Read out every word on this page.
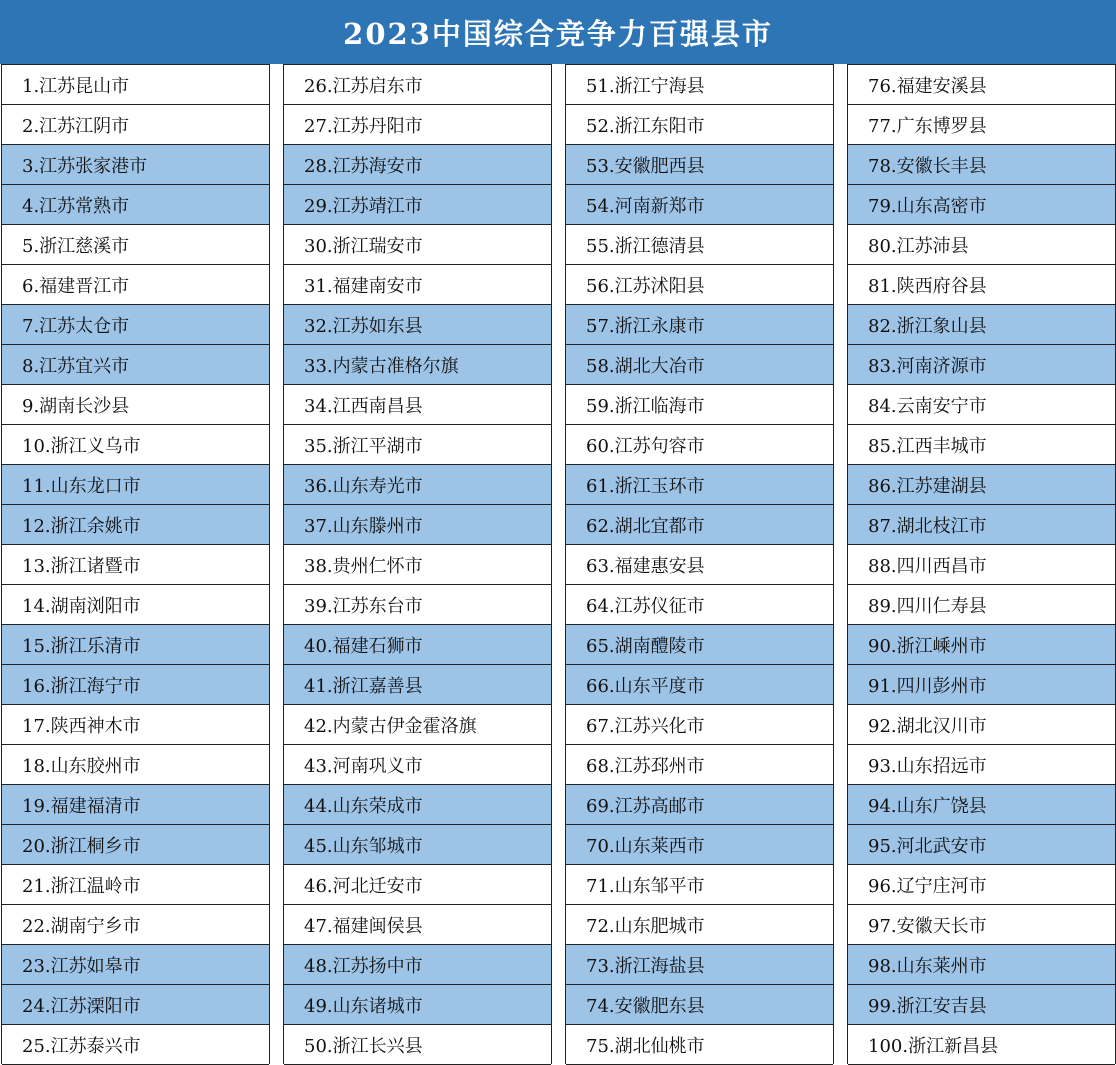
2023中国综合竞争力百强县市
1.江苏昆山市
2.江苏江阴市
3.江苏张家港市
4.江苏常熟市
5.浙江慈溪市
6.福建晋江市
7.江苏太仓市
8.江苏宜兴市
9.湖南长沙县
10.浙江义乌市
11.山东龙口市
12.浙江余姚市
13.浙江诸暨市
14.湖南浏阳市
15.浙江乐清市
16.浙江海宁市
17.陕西神木市
18.山东胶州市
19.福建福清市
20.浙江桐乡市
21.浙江温岭市
22.湖南宁乡市
23.江苏如皋市
24.江苏溧阳市
25.江苏泰兴市
26.江苏启东市
27.江苏丹阳市
28.江苏海安市
29.江苏靖江市
30.浙江瑞安市
31.福建南安市
32.江苏如东县
33.内蒙古准格尔旗
34.江西南昌县
35.浙江平湖市
36.山东寿光市
37.山东滕州市
38.贵州仁怀市
39.江苏东台市
40.福建石狮市
41.浙江嘉善县
42.内蒙古伊金霍洛旗
43.河南巩义市
44.山东荣成市
45.山东邹城市
46.河北迁安市
47.福建闽侯县
48.江苏扬中市
49.山东诸城市
50.浙江长兴县
51.浙江宁海县
52.浙江东阳市
53.安徽肥西县
54.河南新郑市
55.浙江德清县
56.江苏沭阳县
57.浙江永康市
58.湖北大冶市
59.浙江临海市
60.江苏句容市
61.浙江玉环市
62.湖北宜都市
63.福建惠安县
64.江苏仪征市
65.湖南醴陵市
66.山东平度市
67.江苏兴化市
68.江苏邳州市
69.江苏高邮市
70.山东莱西市
71.山东邹平市
72.山东肥城市
73.浙江海盐县
74.安徽肥东县
75.湖北仙桃市
76.福建安溪县
77.广东博罗县
78.安徽长丰县
79.山东高密市
80.江苏沛县
81.陕西府谷县
82.浙江象山县
83.河南济源市
84.云南安宁市
85.江西丰城市
86.江苏建湖县
87.湖北枝江市
88.四川西昌市
89.四川仁寿县
90.浙江嵊州市
91.四川彭州市
92.湖北汉川市
93.山东招远市
94.山东广饶县
95.河北武安市
96.辽宁庄河市
97.安徽天长市
98.山东莱州市
99.浙江安吉县
100.浙江新昌县
